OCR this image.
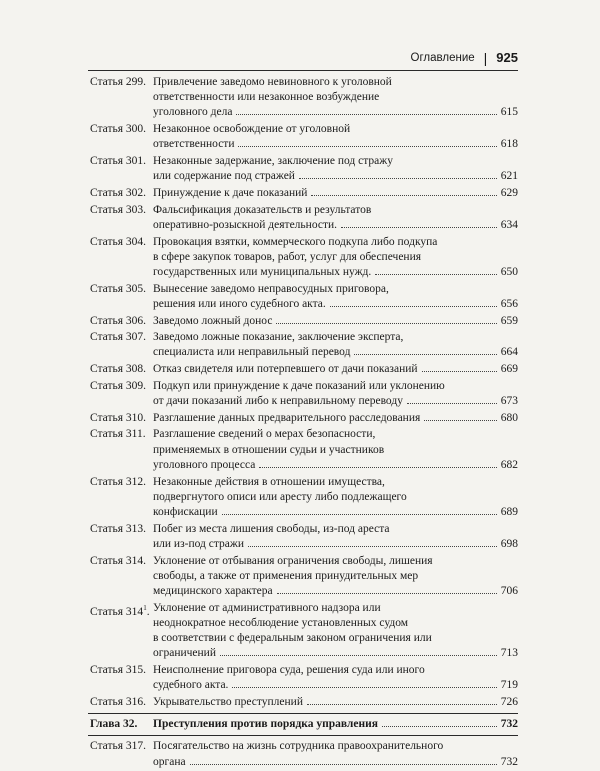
Оглавление | 925
Статья 299. Привлечение заведомо невиновного к уголовной
ответственности или незаконное возбуждение
уголовного дела	615
Статья 300. Незаконное освобождение от уголовной
ответственности	618
Статья 301. Незаконные задержание, заключение под стражу
или содержание под стражей	621
Статья 302. Принуждение к даче показаний	629
Статья 303. Фальсификация доказательств и результатов
оперативно-розыскной деятельности.	634
Статья 304. Провокация взятки, коммерческого подкупа либо подкупа
в сфере закупок товаров, работ, услуг для обеспечения
государственных или муниципальных нужд.	650
Статья 305. Вынесение заведомо неправосудных приговора,
решения или иного судебного акта.	656
Статья 306. Заведомо ложный донос	659
Статья 307. Заведомо ложные показание, заключение эксперта,
специалиста или неправильный перевод	664
Статья 308. Отказ свидетеля или потерпевшего от дачи показаний	669
Статья 309. Подкуп или принуждение к даче показаний или уклонению
от дачи показаний либо к неправильному переводу	673
Статья 310. Разглашение данных предварительного расследования	680
Статья 311. Разглашение сведений о мерах безопасности,
применяемых в отношении судьи и участников
уголовного процесса	682
Статья 312. Незаконные действия в отношении имущества,
подвергнутого описи или аресту либо подлежащего
конфискации	689
Статья 313. Побег из места лишения свободы, из-под ареста
или из-под стражи	698
Статья 314. Уклонение от отбывания ограничения свободы, лишения
свободы, а также от применения принудительных мер
медицинского характера	706
Статья $314^1$. Уклонение от административного надзора или
неоднократное несоблюдение установленных судом
в соответствии с федеральным законом ограничения или
ограничений	713
Статья 315. Неисполнение приговора суда, решения суда или иного
судебного акта.	719
Статья 316. Укрывательство преступлений	726
Глава 32.	Преступления против порядка управления	732
Статья 317. Посягательство на жизнь сотрудника правоохранительного
органа	732
